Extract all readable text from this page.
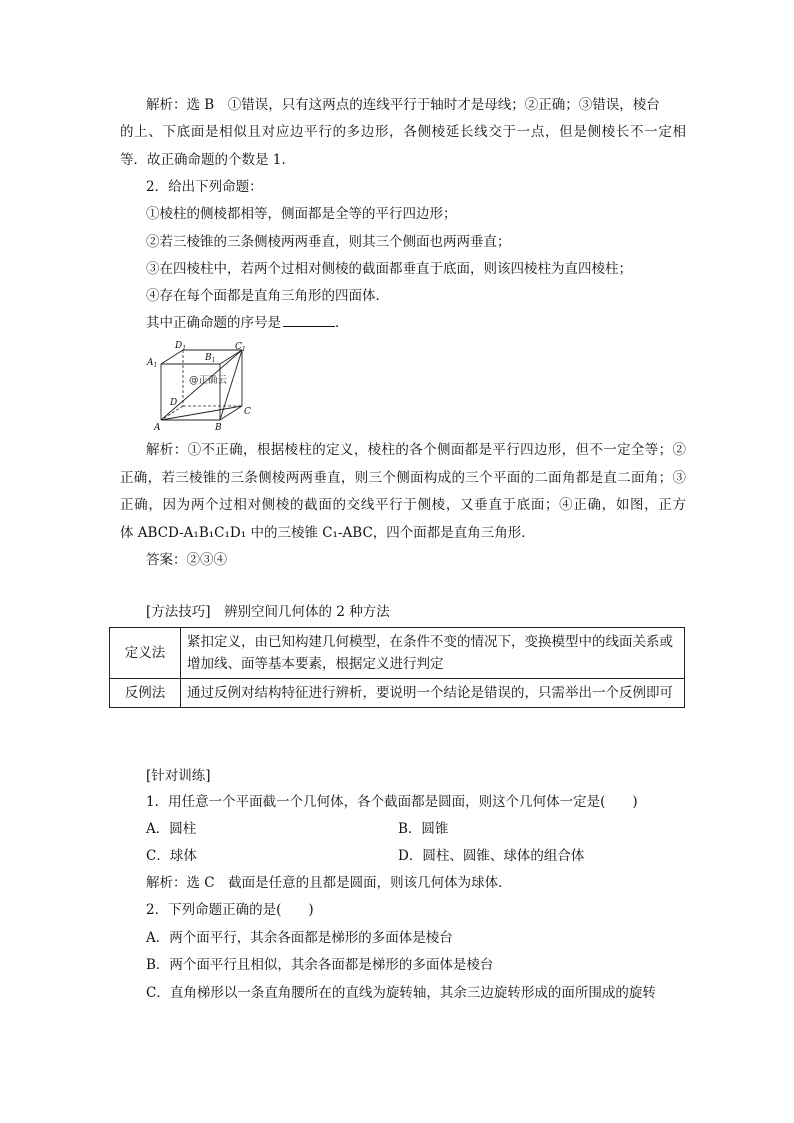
解析：选 B　①错误，只有这两点的连线平行于轴时才是母线；②正确；③错误，棱台
的上、下底面是相似且对应边平行的多边形，各侧棱延长线交于一点，但是侧棱长不一定相
等．故正确命题的个数是 1.
2．给出下列命题：
①棱柱的侧棱都相等，侧面都是全等的平行四边形；
②若三棱锥的三条侧棱两两垂直，则其三个侧面也两两垂直；
③在四棱柱中，若两个过相对侧棱的截面都垂直于底面，则该四棱柱为直四棱柱；
④存在每个面都是直角三角形的四面体．
其中正确命题的序号是	．
$A_1$
$D_1$
$B_1$
$C_1$
D
A	B
C
@正确云
解析：①不正确，根据棱柱的定义，棱柱的各个侧面都是平行四边形，但不一定全等；②
正确，若三棱锥的三条侧棱两两垂直，则三个侧面构成的三个平面的二面角都是直二面角；③
正确，因为两个过相对侧棱的截面的交线平行于侧棱，又垂直于底面；④正确，如图，正方
体 ABCD-A₁B₁C₁D₁ 中的三棱锥 C₁-ABC，四个面都是直角三角形．
答案：②③④
[方法技巧]　辨别空间几何体的 2 种方法
定义法	紧扣定义，由已知构建几何模型，在条件不变的情况下，变换模型中的线面关系或增加线、面等基本要素，根据定义进行判定
反例法	通过反例对结构特征进行辨析，要说明一个结论是错误的，只需举出一个反例即可
[针对训练]
1．用任意一个平面截一个几何体，各个截面都是圆面，则这个几何体一定是(　　)
A．圆柱	B．圆锥
C．球体	D．圆柱、圆锥、球体的组合体
解析：选 C　截面是任意的且都是圆面，则该几何体为球体．
2．下列命题正确的是(　　)
A．两个面平行，其余各面都是梯形的多面体是棱台
B．两个面平行且相似，其余各面都是梯形的多面体是棱台
C．直角梯形以一条直角腰所在的直线为旋转轴，其余三边旋转形成的面所围成的旋转
